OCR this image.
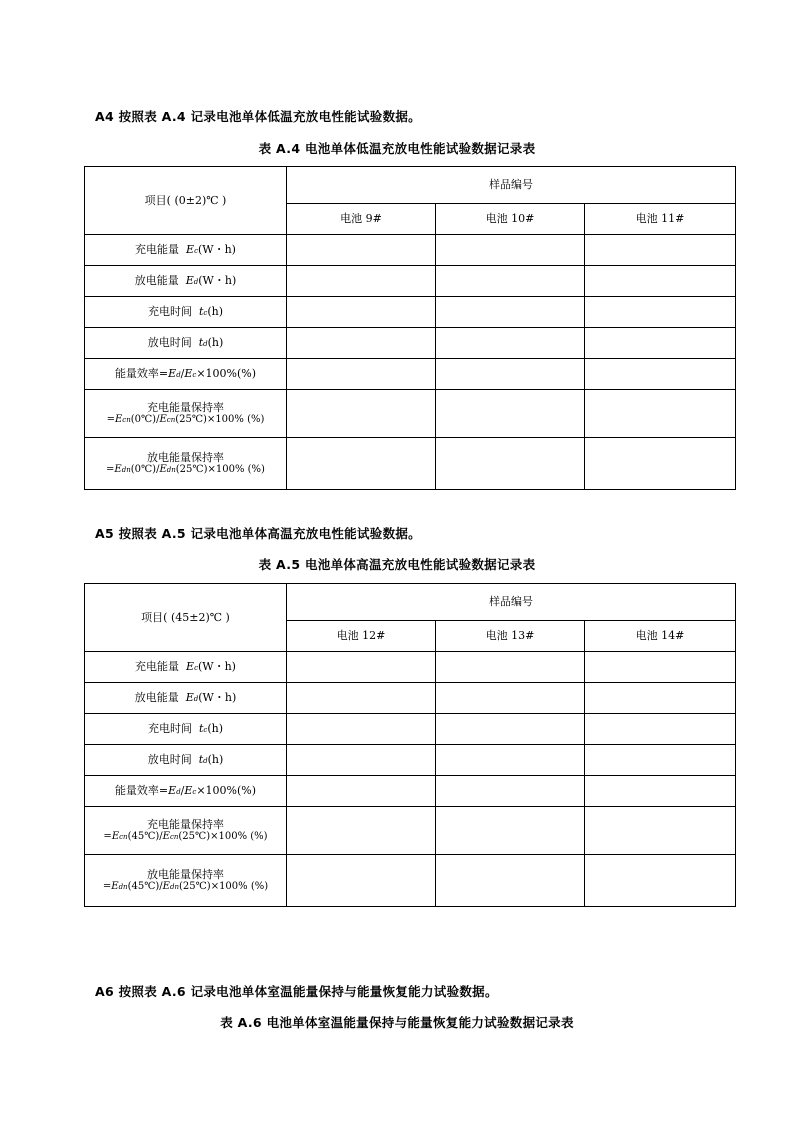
A4 按照表 A.4 记录电池单体低温充放电性能试验数据。
表 A.4 电池单体低温充放电性能试验数据记录表
项目( (0±2)℃ )	样品编号		
	电池 9#	电池 10#	电池 11#
充电能量 Ec(W・h)			
放电能量 Ed(W・h)			
充电时间 tc(h)			
放电时间 td(h)			
能量效率=Ed/Ec×100%(%)			

充电能量保持率
=Ecn(0℃)/Ecn(25℃)×100% (%)			

放电能量保持率
=Edn(0℃)/Edn(25℃)×100% (%)			

A5 按照表 A.5 记录电池单体高温充放电性能试验数据。
表 A.5 电池单体高温充放电性能试验数据记录表
项目( (45±2)℃ )	样品编号		
	电池 12#	电池 13#	电池 14#
充电能量 Ec(W・h)			
放电能量 Ed(W・h)			
充电时间 tc(h)			
放电时间 td(h)			
能量效率=Ed/Ec×100%(%)			

充电能量保持率
=Ecn(45℃)/Ecn(25℃)×100% (%)			

放电能量保持率
=Edn(45℃)/Edn(25℃)×100% (%)			

A6 按照表 A.6 记录电池单体室温能量保持与能量恢复能力试验数据。
表 A.6 电池单体室温能量保持与能量恢复能力试验数据记录表
